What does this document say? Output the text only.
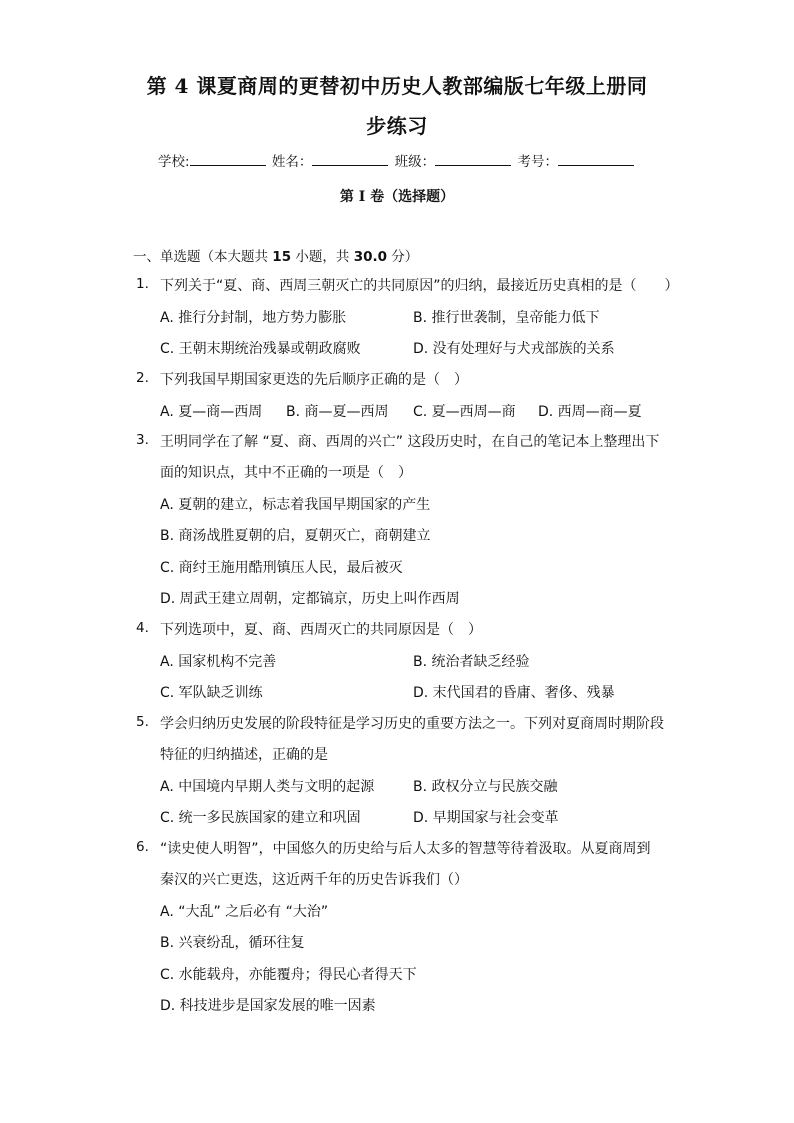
第 4 课夏商周的更替初中历史人教部编版七年级上册同
步练习
学校:	姓名：	班级：	考号：
第 I 卷（选择题）
一、单选题（本大题共 15 小题，共 30.0 分）
1. 下列关于“夏、商、西周三朝灭亡的共同原因”的归纳，最接近历史真相的是（　　）
A. 推行分封制，地方势力膨胀	B. 推行世袭制，皇帝能力低下
C. 王朝末期统治残暴或朝政腐败	D. 没有处理好与犬戎部族的关系
2. 下列我国早期国家更迭的先后顺序正确的是（　）
A. 夏—商—西周 B. 商—夏—西周 C. 夏—西周—商 D. 西周—商—夏
3. 王明同学在了解 “夏、商、西周的兴亡” 这段历史时，在自己的笔记本上整理出下
面的知识点，其中不正确的一项是（　）
A. 夏朝的建立，标志着我国早期国家的产生
B. 商汤战胜夏朝的启，夏朝灭亡，商朝建立
C. 商纣王施用酷刑镇压人民，最后被灭
D. 周武王建立周朝，定都镐京，历史上叫作西周
4. 下列选项中，夏、商、西周灭亡的共同原因是（　）
A. 国家机构不完善	B. 统治者缺乏经验
C. 军队缺乏训练	D. 末代国君的昏庸、奢侈、残暴
5. 学会归纳历史发展的阶段特征是学习历史的重要方法之一。下列对夏商周时期阶段
特征的归纳描述，正确的是
A. 中国境内早期人类与文明的起源	B. 政权分立与民族交融
C. 统一多民族国家的建立和巩固	D. 早期国家与社会变革
6. “读史使人明智”，中国悠久的历史给与后人太多的智慧等待着汲取。从夏商周到
秦汉的兴亡更迭，这近两千年的历史告诉我们（）
A. “大乱” 之后必有 “大治”
B. 兴衰纷乱，循环往复
C. 水能载舟，亦能覆舟；得民心者得天下
D. 科技进步是国家发展的唯一因素
